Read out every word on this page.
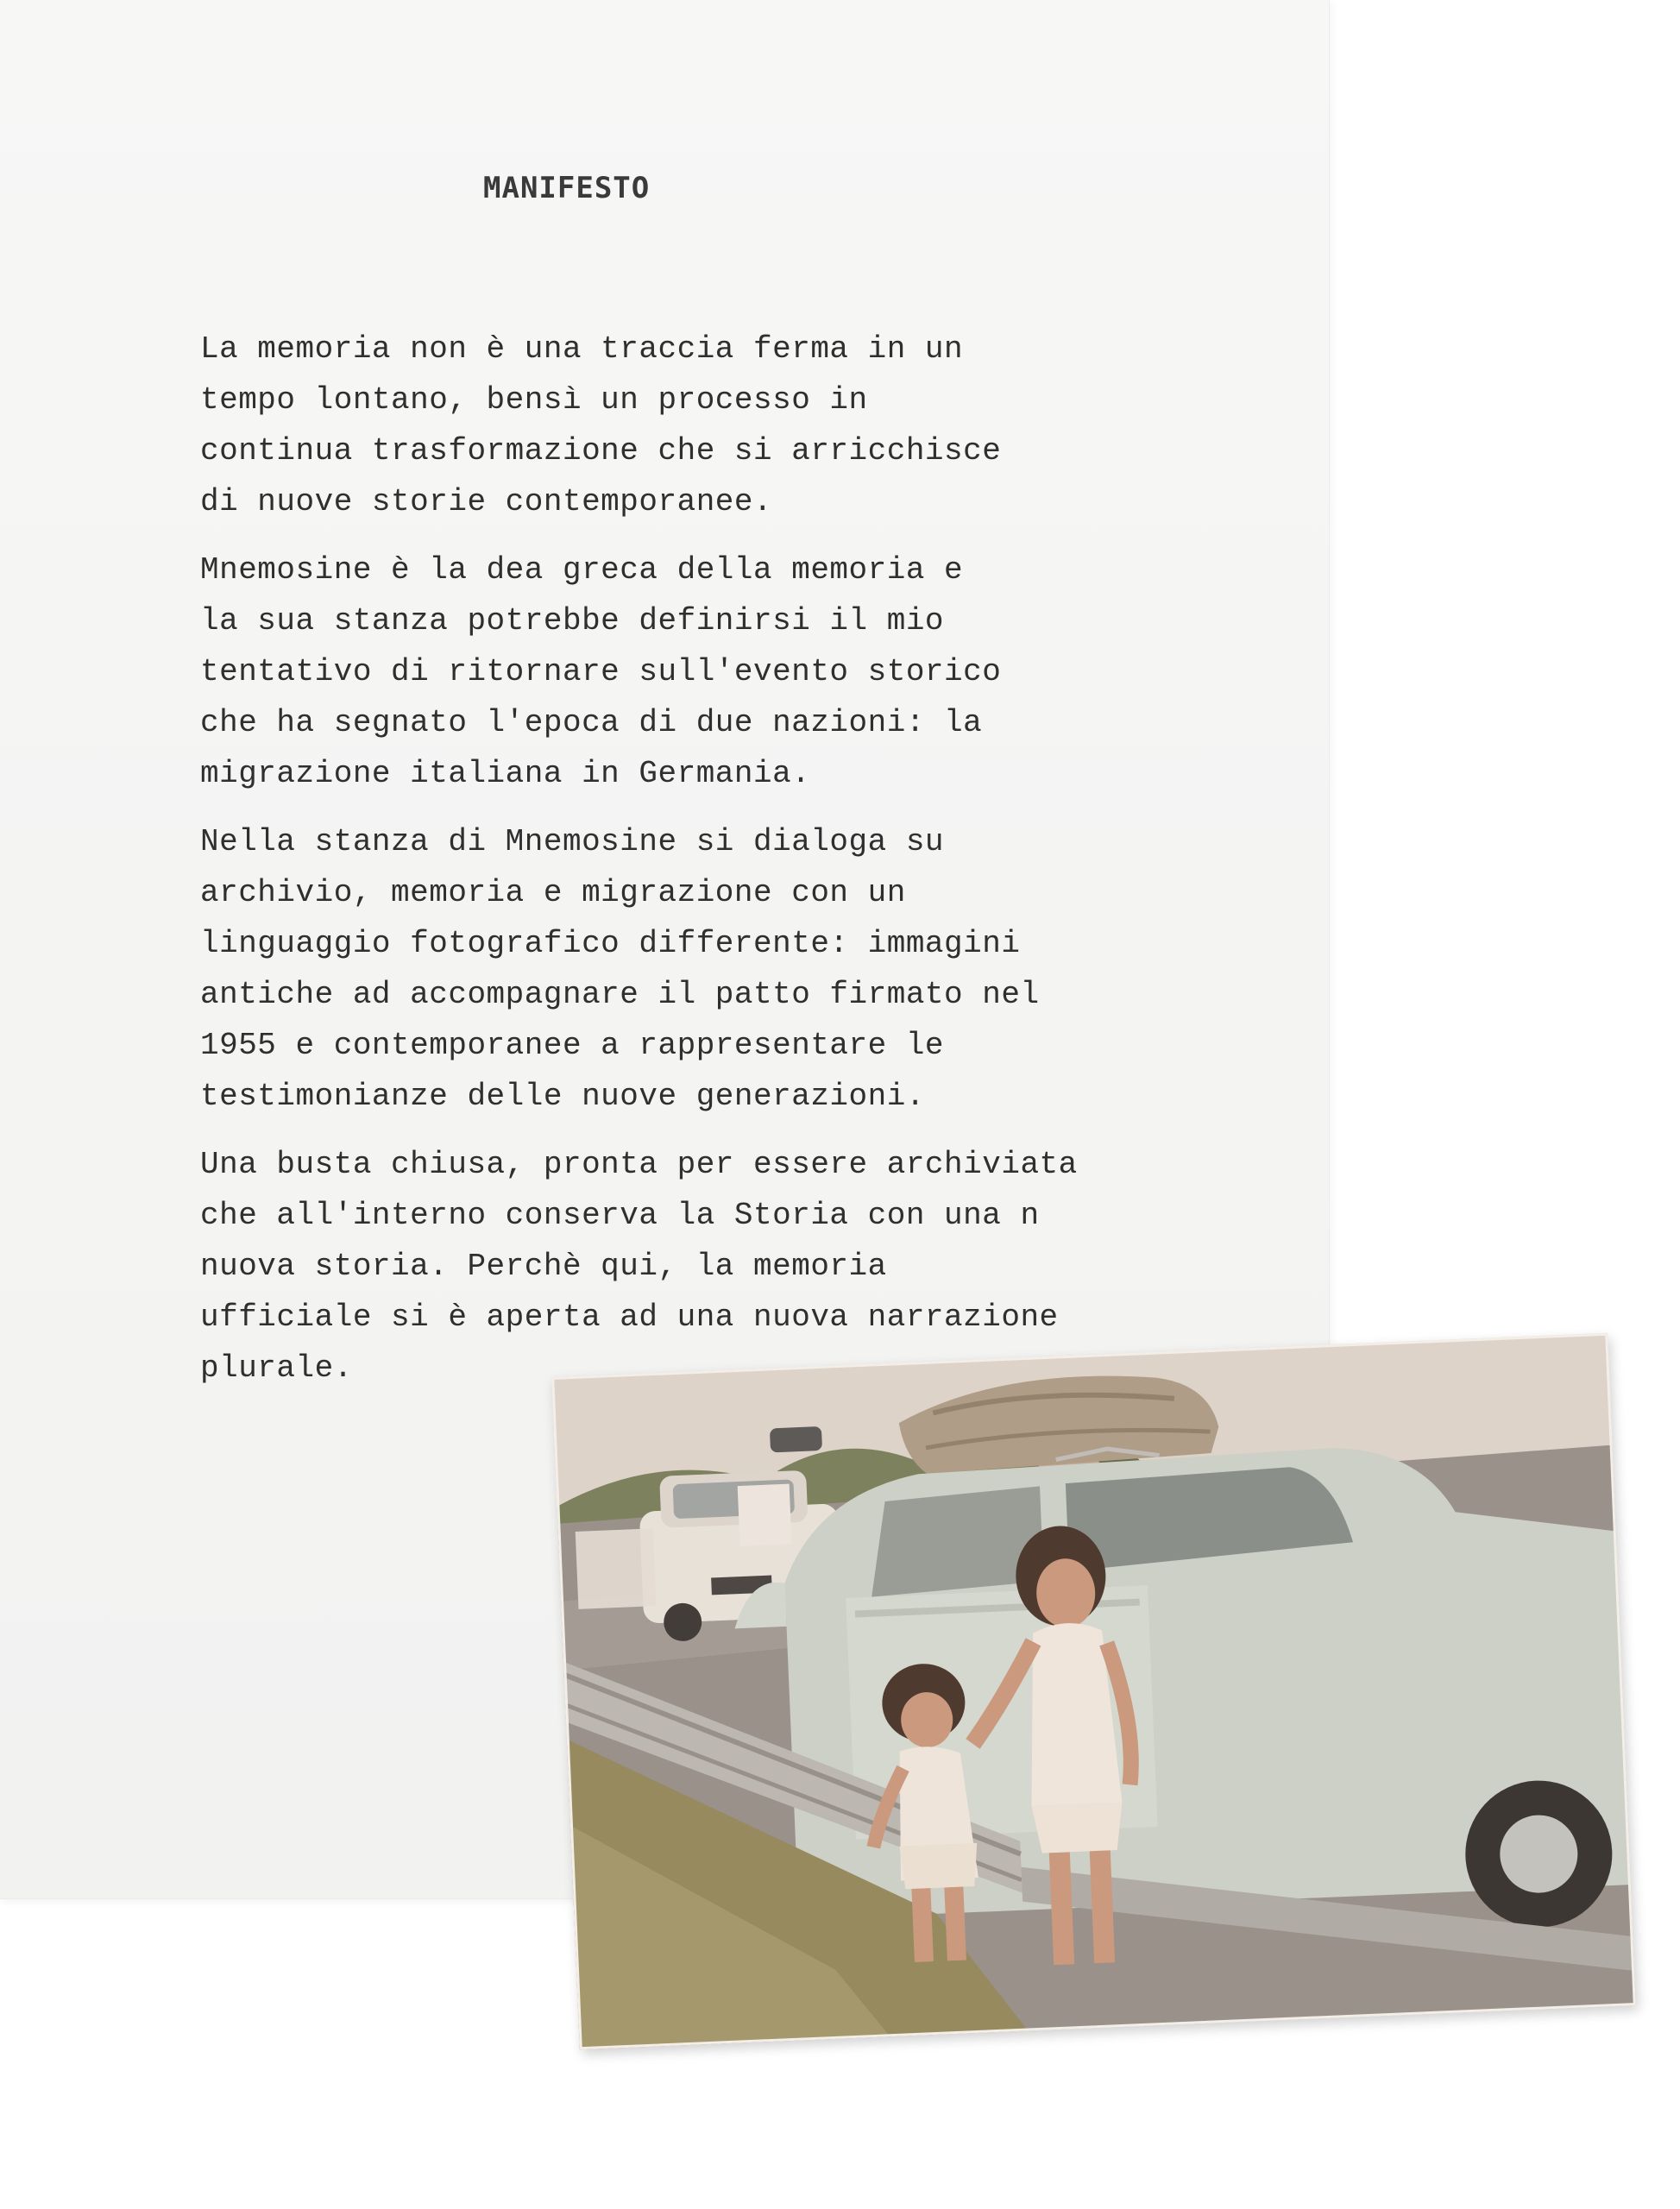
MANIFESTO
La memoria non è una traccia ferma in un
tempo lontano, bensì un processo in
continua trasformazione che si arricchisce
di nuove storie contemporanee.
Mnemosine è la dea greca della memoria e
la sua stanza potrebbe definirsi il mio
tentativo di ritornare sull'evento storico
che ha segnato l'epoca di due nazioni: la
migrazione italiana in Germania.
Nella stanza di Mnemosine si dialoga su
archivio, memoria e migrazione con un
linguaggio fotografico differente: immagini
antiche ad accompagnare il patto firmato nel
1955 e contemporanee a rappresentare le
testimonianze delle nuove generazioni.
Una busta chiusa, pronta per essere archiviata
che all'interno conserva la Storia con una n
nuova storia. Perchè qui, la memoria
ufficiale si è aperta ad una nuova narrazione
plurale.
